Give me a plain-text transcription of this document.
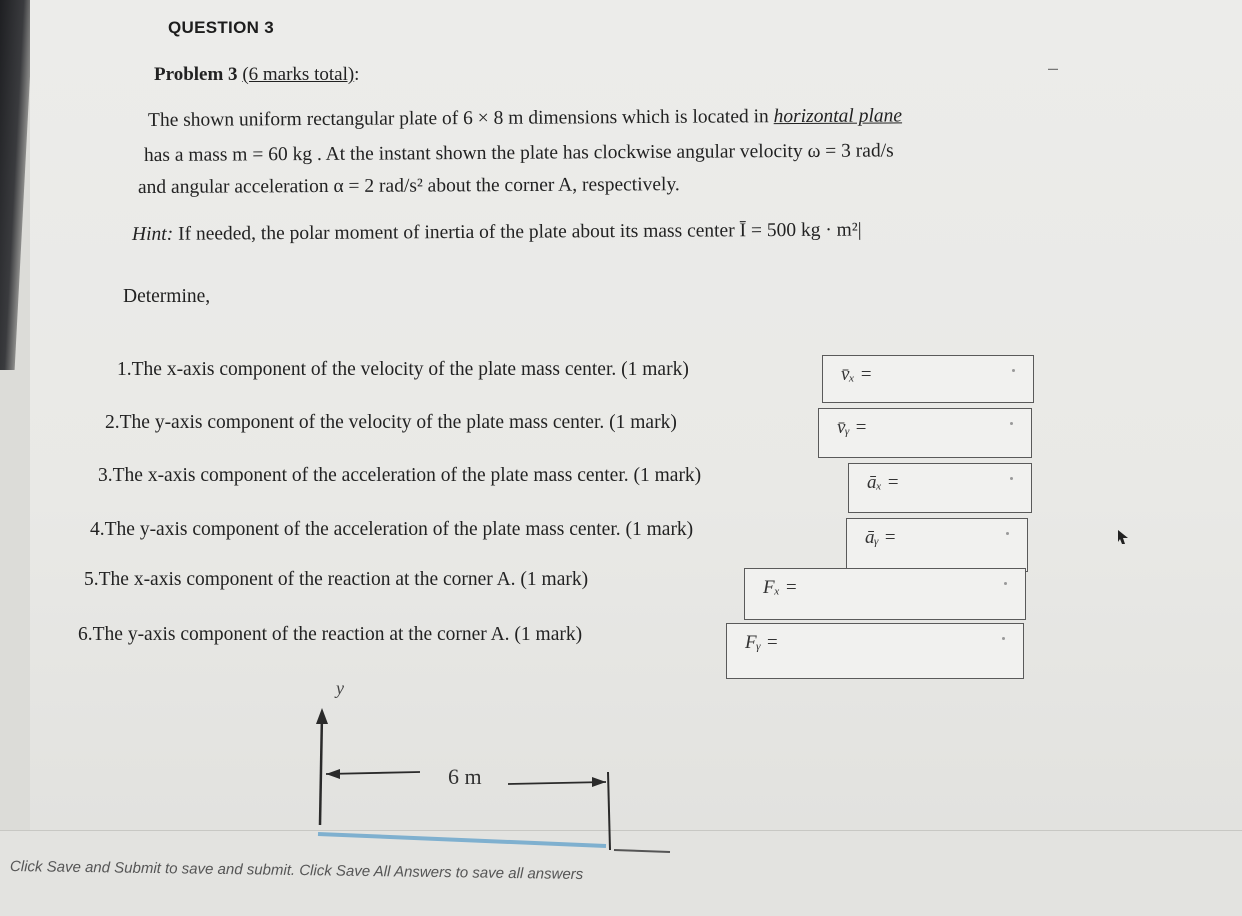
QUESTION 3
Problem 3 (6 marks total):	–
The shown uniform rectangular plate of 6 × 8 m dimensions which is located in horizontal plane
has a mass m = 60 kg . At the instant shown the plate has clockwise angular velocity ω = 3 rad/s
and angular acceleration α = 2 rad/s² about the corner A, respectively.
Hint: If needed, the polar moment of inertia of the plate about its mass center Ī = 500 kg · m²|
Determine,
1.The x-axis component of the velocity of the plate mass center. (1 mark)
2.The y-axis component of the velocity of the plate mass center. (1 mark)
3.The x-axis component of the acceleration of the plate mass center. (1 mark)
4.The y-axis component of the acceleration of the plate mass center. (1 mark)
5.The x-axis component of the reaction at the corner A. (1 mark)
6.The y-axis component of the reaction at the corner A. (1 mark)
v̄ₓ =
v̄ᵧ =
āₓ =
āᵧ =
Fₓ =
Fᵧ =
y
6 m
Click Save and Submit to save and submit. Click Save All Answers to save all answers
